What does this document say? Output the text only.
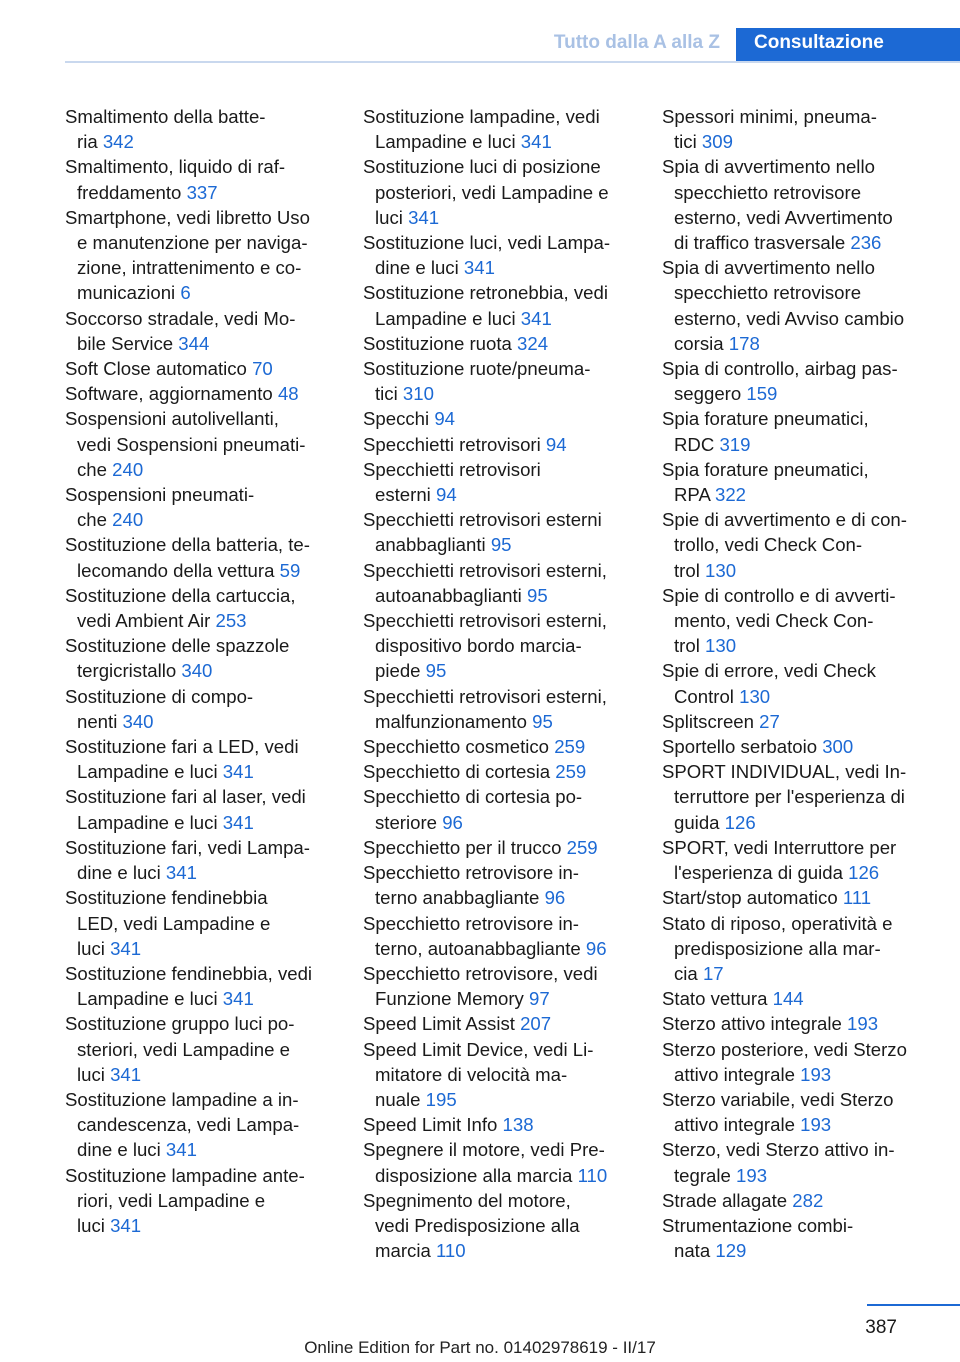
Tutto dalla A alla Z	Consultazione
Smaltimento della batte-
ria 342
Smaltimento, liquido di raf-
freddamento 337
Smartphone, vedi libretto Uso
e manutenzione per naviga-
zione, intrattenimento e co-
municazioni 6
Soccorso stradale, vedi Mo-
bile Service 344
Soft Close automatico 70
Software, aggiornamento 48
Sospensioni autolivellanti,
vedi Sospensioni pneumati-
che 240
Sospensioni pneumati-
che 240
Sostituzione della batteria, te-
lecomando della vettura 59
Sostituzione della cartuccia,
vedi Ambient Air 253
Sostituzione delle spazzole
tergicristallo 340
Sostituzione di compo-
nenti 340
Sostituzione fari a LED, vedi
Lampadine e luci 341
Sostituzione fari al laser, vedi
Lampadine e luci 341
Sostituzione fari, vedi Lampa-
dine e luci 341
Sostituzione fendinebbia
LED, vedi Lampadine e
luci 341
Sostituzione fendinebbia, vedi
Lampadine e luci 341
Sostituzione gruppo luci po-
steriori, vedi Lampadine e
luci 341
Sostituzione lampadine a in-
candescenza, vedi Lampa-
dine e luci 341
Sostituzione lampadine ante-
riori, vedi Lampadine e
luci 341
Sostituzione lampadine, vedi
Lampadine e luci 341
Sostituzione luci di posizione
posteriori, vedi Lampadine e
luci 341
Sostituzione luci, vedi Lampa-
dine e luci 341
Sostituzione retronebbia, vedi
Lampadine e luci 341
Sostituzione ruota 324
Sostituzione ruote/pneuma-
tici 310
Specchi 94
Specchietti retrovisori 94
Specchietti retrovisori
esterni 94
Specchietti retrovisori esterni
anabbaglianti 95
Specchietti retrovisori esterni,
autoanabbaglianti 95
Specchietti retrovisori esterni,
dispositivo bordo marcia-
piede 95
Specchietti retrovisori esterni,
malfunzionamento 95
Specchietto cosmetico 259
Specchietto di cortesia 259
Specchietto di cortesia po-
steriore 96
Specchietto per il trucco 259
Specchietto retrovisore in-
terno anabbagliante 96
Specchietto retrovisore in-
terno, autoanabbagliante 96
Specchietto retrovisore, vedi
Funzione Memory 97
Speed Limit Assist 207
Speed Limit Device, vedi Li-
mitatore di velocità ma-
nuale 195
Speed Limit Info 138
Spegnere il motore, vedi Pre-
disposizione alla marcia 110
Spegnimento del motore,
vedi Predisposizione alla
marcia 110
Spessori minimi, pneuma-
tici 309
Spia di avvertimento nello
specchietto retrovisore
esterno, vedi Avvertimento
di traffico trasversale 236
Spia di avvertimento nello
specchietto retrovisore
esterno, vedi Avviso cambio
corsia 178
Spia di controllo, airbag pas-
seggero 159
Spia forature pneumatici,
RDC 319
Spia forature pneumatici,
RPA 322
Spie di avvertimento e di con-
trollo, vedi Check Con-
trol 130
Spie di controllo e di avverti-
mento, vedi Check Con-
trol 130
Spie di errore, vedi Check
Control 130
Splitscreen 27
Sportello serbatoio 300
SPORT INDIVIDUAL, vedi In-
terruttore per l'esperienza di
guida 126
SPORT, vedi Interruttore per
l'esperienza di guida 126
Start/stop automatico 111
Stato di riposo, operatività e
predisposizione alla mar-
cia 17
Stato vettura 144
Sterzo attivo integrale 193
Sterzo posteriore, vedi Sterzo
attivo integrale 193
Sterzo variabile, vedi Sterzo
attivo integrale 193
Sterzo, vedi Sterzo attivo in-
tegrale 193
Strade allagate 282
Strumentazione combi-
nata 129
387
Online Edition for Part no. 01402978619 - II/17
